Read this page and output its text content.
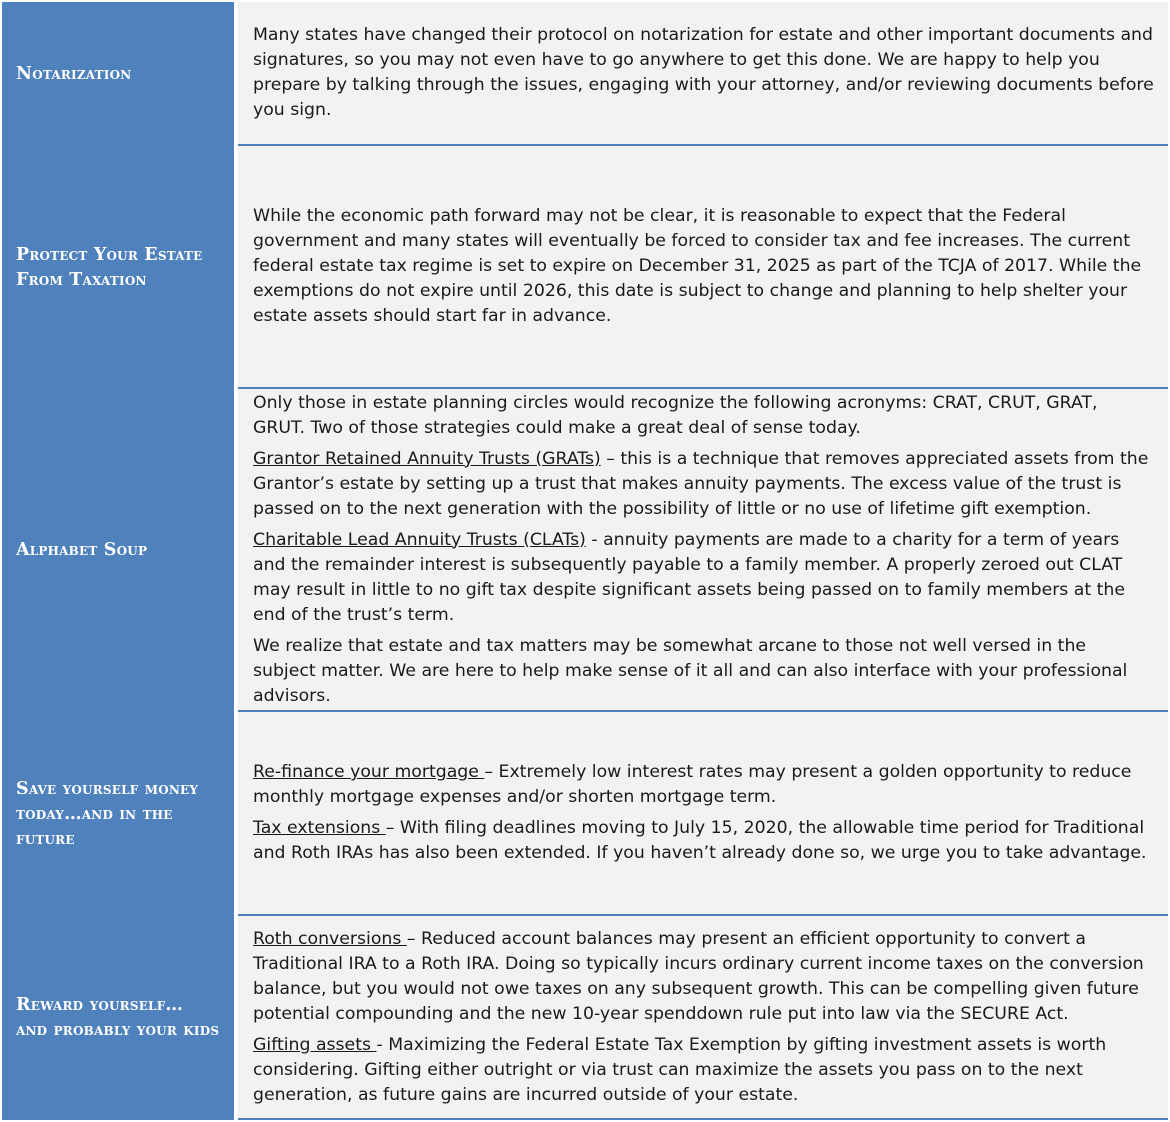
Notarization

Many states have changed their protocol on notarization for estate and other important documents and signatures, so you may not even have to go anywhere to get this done. We are happy to help you prepare by talking through the issues, engaging with your attorney, and/or reviewing documents before you sign.

Protect Your Estate From Taxation

While the economic path forward may not be clear, it is reasonable to expect that the Federal government and many states will eventually be forced to consider tax and fee increases. The current federal estate tax regime is set to expire on December 31, 2025 as part of the TCJA of 2017. While the exemptions do not expire until 2026, this date is subject to change and planning to help shelter your estate assets should start far in advance.

Alphabet Soup

Only those in estate planning circles would recognize the following acronyms: CRAT, CRUT, GRAT, GRUT. Two of those strategies could make a great deal of sense today.

Grantor Retained Annuity Trusts (GRATs) – this is a technique that removes appreciated assets from the Grantor’s estate by setting up a trust that makes annuity payments. The excess value of the trust is passed on to the next generation with the possibility of little or no use of lifetime gift exemption.

Charitable Lead Annuity Trusts (CLATs) - annuity payments are made to a charity for a term of years and the remainder interest is subsequently payable to a family member. A properly zeroed out CLAT may result in little to no gift tax despite significant assets being passed on to family members at the end of the trust’s term.

We realize that estate and tax matters may be somewhat arcane to those not well versed in the subject matter. We are here to help make sense of it all and can also interface with your professional advisors.

Save yourself money today…and in the future

Re-finance your mortgage – Extremely low interest rates may present a golden opportunity to reduce monthly mortgage expenses and/or shorten mortgage term.

Tax extensions – With filing deadlines moving to July 15, 2020, the allowable time period for Traditional and Roth IRAs has also been extended. If you haven’t already done so, we urge you to take advantage.

Reward yourself… and probably your kids

Roth conversions – Reduced account balances may present an efficient opportunity to convert a Traditional IRA to a Roth IRA. Doing so typically incurs ordinary current income taxes on the conversion balance, but you would not owe taxes on any subsequent growth. This can be compelling given future potential compounding and the new 10-year spenddown rule put into law via the SECURE Act.

Gifting assets - Maximizing the Federal Estate Tax Exemption by gifting investment assets is worth considering. Gifting either outright or via trust can maximize the assets you pass on to the next generation, as future gains are incurred outside of your estate.
